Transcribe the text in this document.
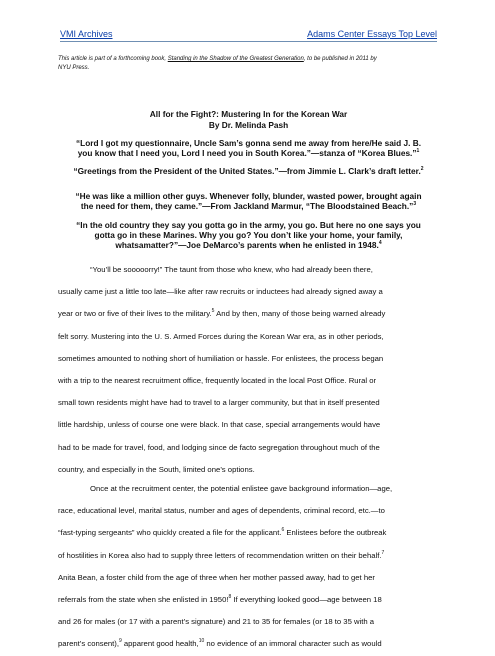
VMI Archives	Adams Center Essays Top Level
This article is part of a forthcoming book, Standing in the Shadow of the Greatest Generation, to be published in 2011 by
NYU Press.
All for the Fight?: Mustering In for the Korean War
By Dr. Melinda Pash
“Lord I got my questionnaire, Uncle Sam’s gonna send me away from here/He said J. B.
you know that I need you, Lord I need you in South Korea.”—stanza of “Korea Blues.”$^1$
“Greetings from the President of the United States.”—from Jimmie L. Clark’s draft letter.$^2$
“He was like a million other guys. Whenever folly, blunder, wasted power, brought again
the need for them, they came.”—From Jackland Marmur, “The Bloodstained Beach.”$^3$
“In the old country they say you gotta go in the army, you go. But here no one says you
gotta go in these Marines. Why you go? You don’t like your home, your family,
whatsamatter?”—Joe DeMarco’s parents when he enlisted in 1948.$^4$
“You’ll be sooooorry!” The taunt from those who knew, who had already been there,
usually came just a little too late—like after raw recruits or inductees had already signed away a
year or two or five of their lives to the military.$^5$ And by then, many of those being warned already
felt sorry. Mustering into the U. S. Armed Forces during the Korean War era, as in other periods,
sometimes amounted to nothing short of humiliation or hassle. For enlistees, the process began
with a trip to the nearest recruitment office, frequently located in the local Post Office. Rural or
small town residents might have had to travel to a larger community, but that in itself presented
little hardship, unless of course one were black. In that case, special arrangements would have
had to be made for travel, food, and lodging since de facto segregation throughout much of the
country, and especially in the South, limited one’s options.
Once at the recruitment center, the potential enlistee gave background information—age,
race, educational level, marital status, number and ages of dependents, criminal record, etc.—to
“fast-typing sergeants” who quickly created a file for the applicant.$^6$ Enlistees before the outbreak
of hostilities in Korea also had to supply three letters of recommendation written on their behalf.$^7$
Anita Bean, a foster child from the age of three when her mother passed away, had to get her
referrals from the state when she enlisted in 1950!$^8$ If everything looked good—age between 18
and 26 for males (or 17 with a parent’s signature) and 21 to 35 for females (or 18 to 35 with a
parent’s consent),$^9$ apparent good health,$^{10}$ no evidence of an immoral character such as would
